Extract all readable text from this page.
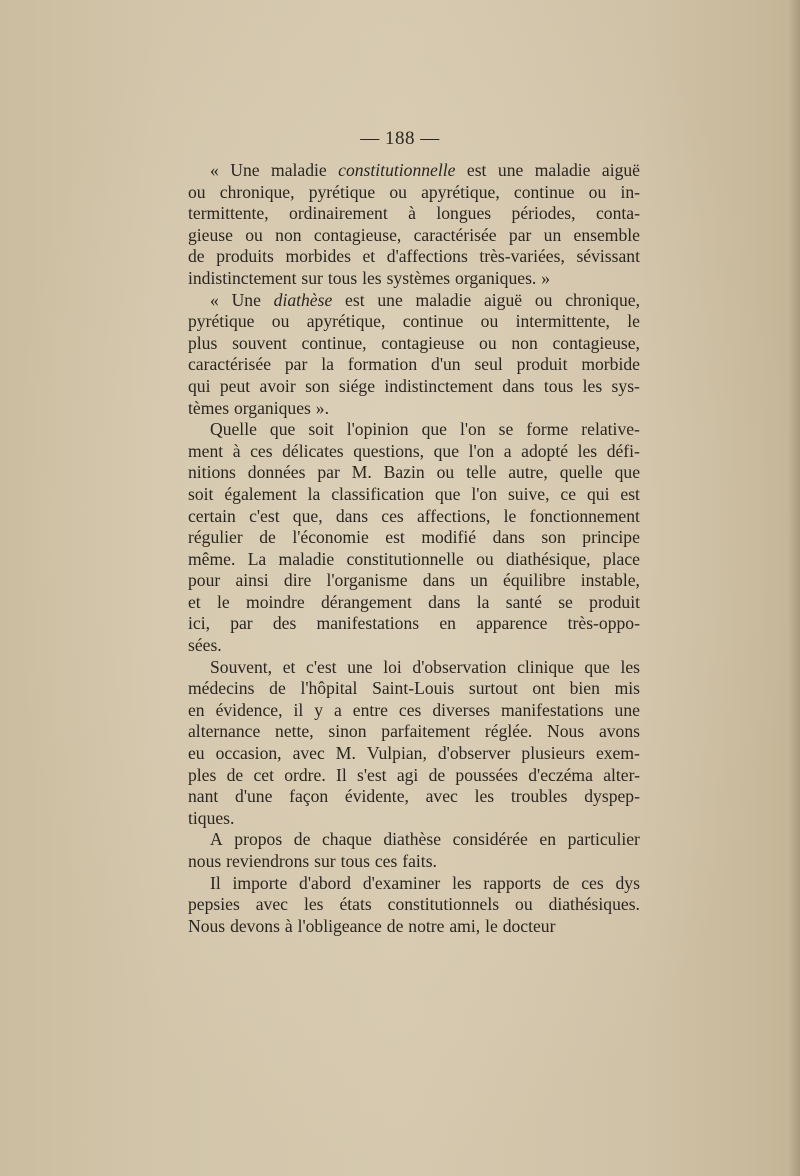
— 188 —
« Une maladie constitutionnelle est une maladie aiguë
ou chronique, pyrétique ou apyrétique, continue ou in-
termittente, ordinairement à longues périodes, conta-
gieuse ou non contagieuse, caractérisée par un ensemble
de produits morbides et d'affections très-variées, sévissant
indistinctement sur tous les systèmes organiques. »
« Une diathèse est une maladie aiguë ou chronique,
pyrétique ou apyrétique, continue ou intermittente, le
plus souvent continue, contagieuse ou non contagieuse,
caractérisée par la formation d'un seul produit morbide
qui peut avoir son siége indistinctement dans tous les sys-
tèmes organiques ».
Quelle que soit l'opinion que l'on se forme relative-
ment à ces délicates questions, que l'on a adopté les défi-
nitions données par M. Bazin ou telle autre, quelle que
soit également la classification que l'on suive, ce qui est
certain c'est que, dans ces affections, le fonctionnement
régulier de l'économie est modifié dans son principe
même. La maladie constitutionnelle ou diathésique, place
pour ainsi dire l'organisme dans un équilibre instable,
et le moindre dérangement dans la santé se produit
ici, par des manifestations en apparence très-oppo-
sées.
Souvent, et c'est une loi d'observation clinique que les
médecins de l'hôpital Saint-Louis surtout ont bien mis
en évidence, il y a entre ces diverses manifestations une
alternance nette, sinon parfaitement réglée. Nous avons
eu occasion, avec M. Vulpian, d'observer plusieurs exem-
ples de cet ordre. Il s'est agi de poussées d'eczéma alter-
nant d'une façon évidente, avec les troubles dyspep-
tiques.
A propos de chaque diathèse considérée en particulier
nous reviendrons sur tous ces faits.
Il importe d'abord d'examiner les rapports de ces dys
pepsies avec les états constitutionnels ou diathésiques.
Nous devons à l'obligeance de notre ami, le docteur
